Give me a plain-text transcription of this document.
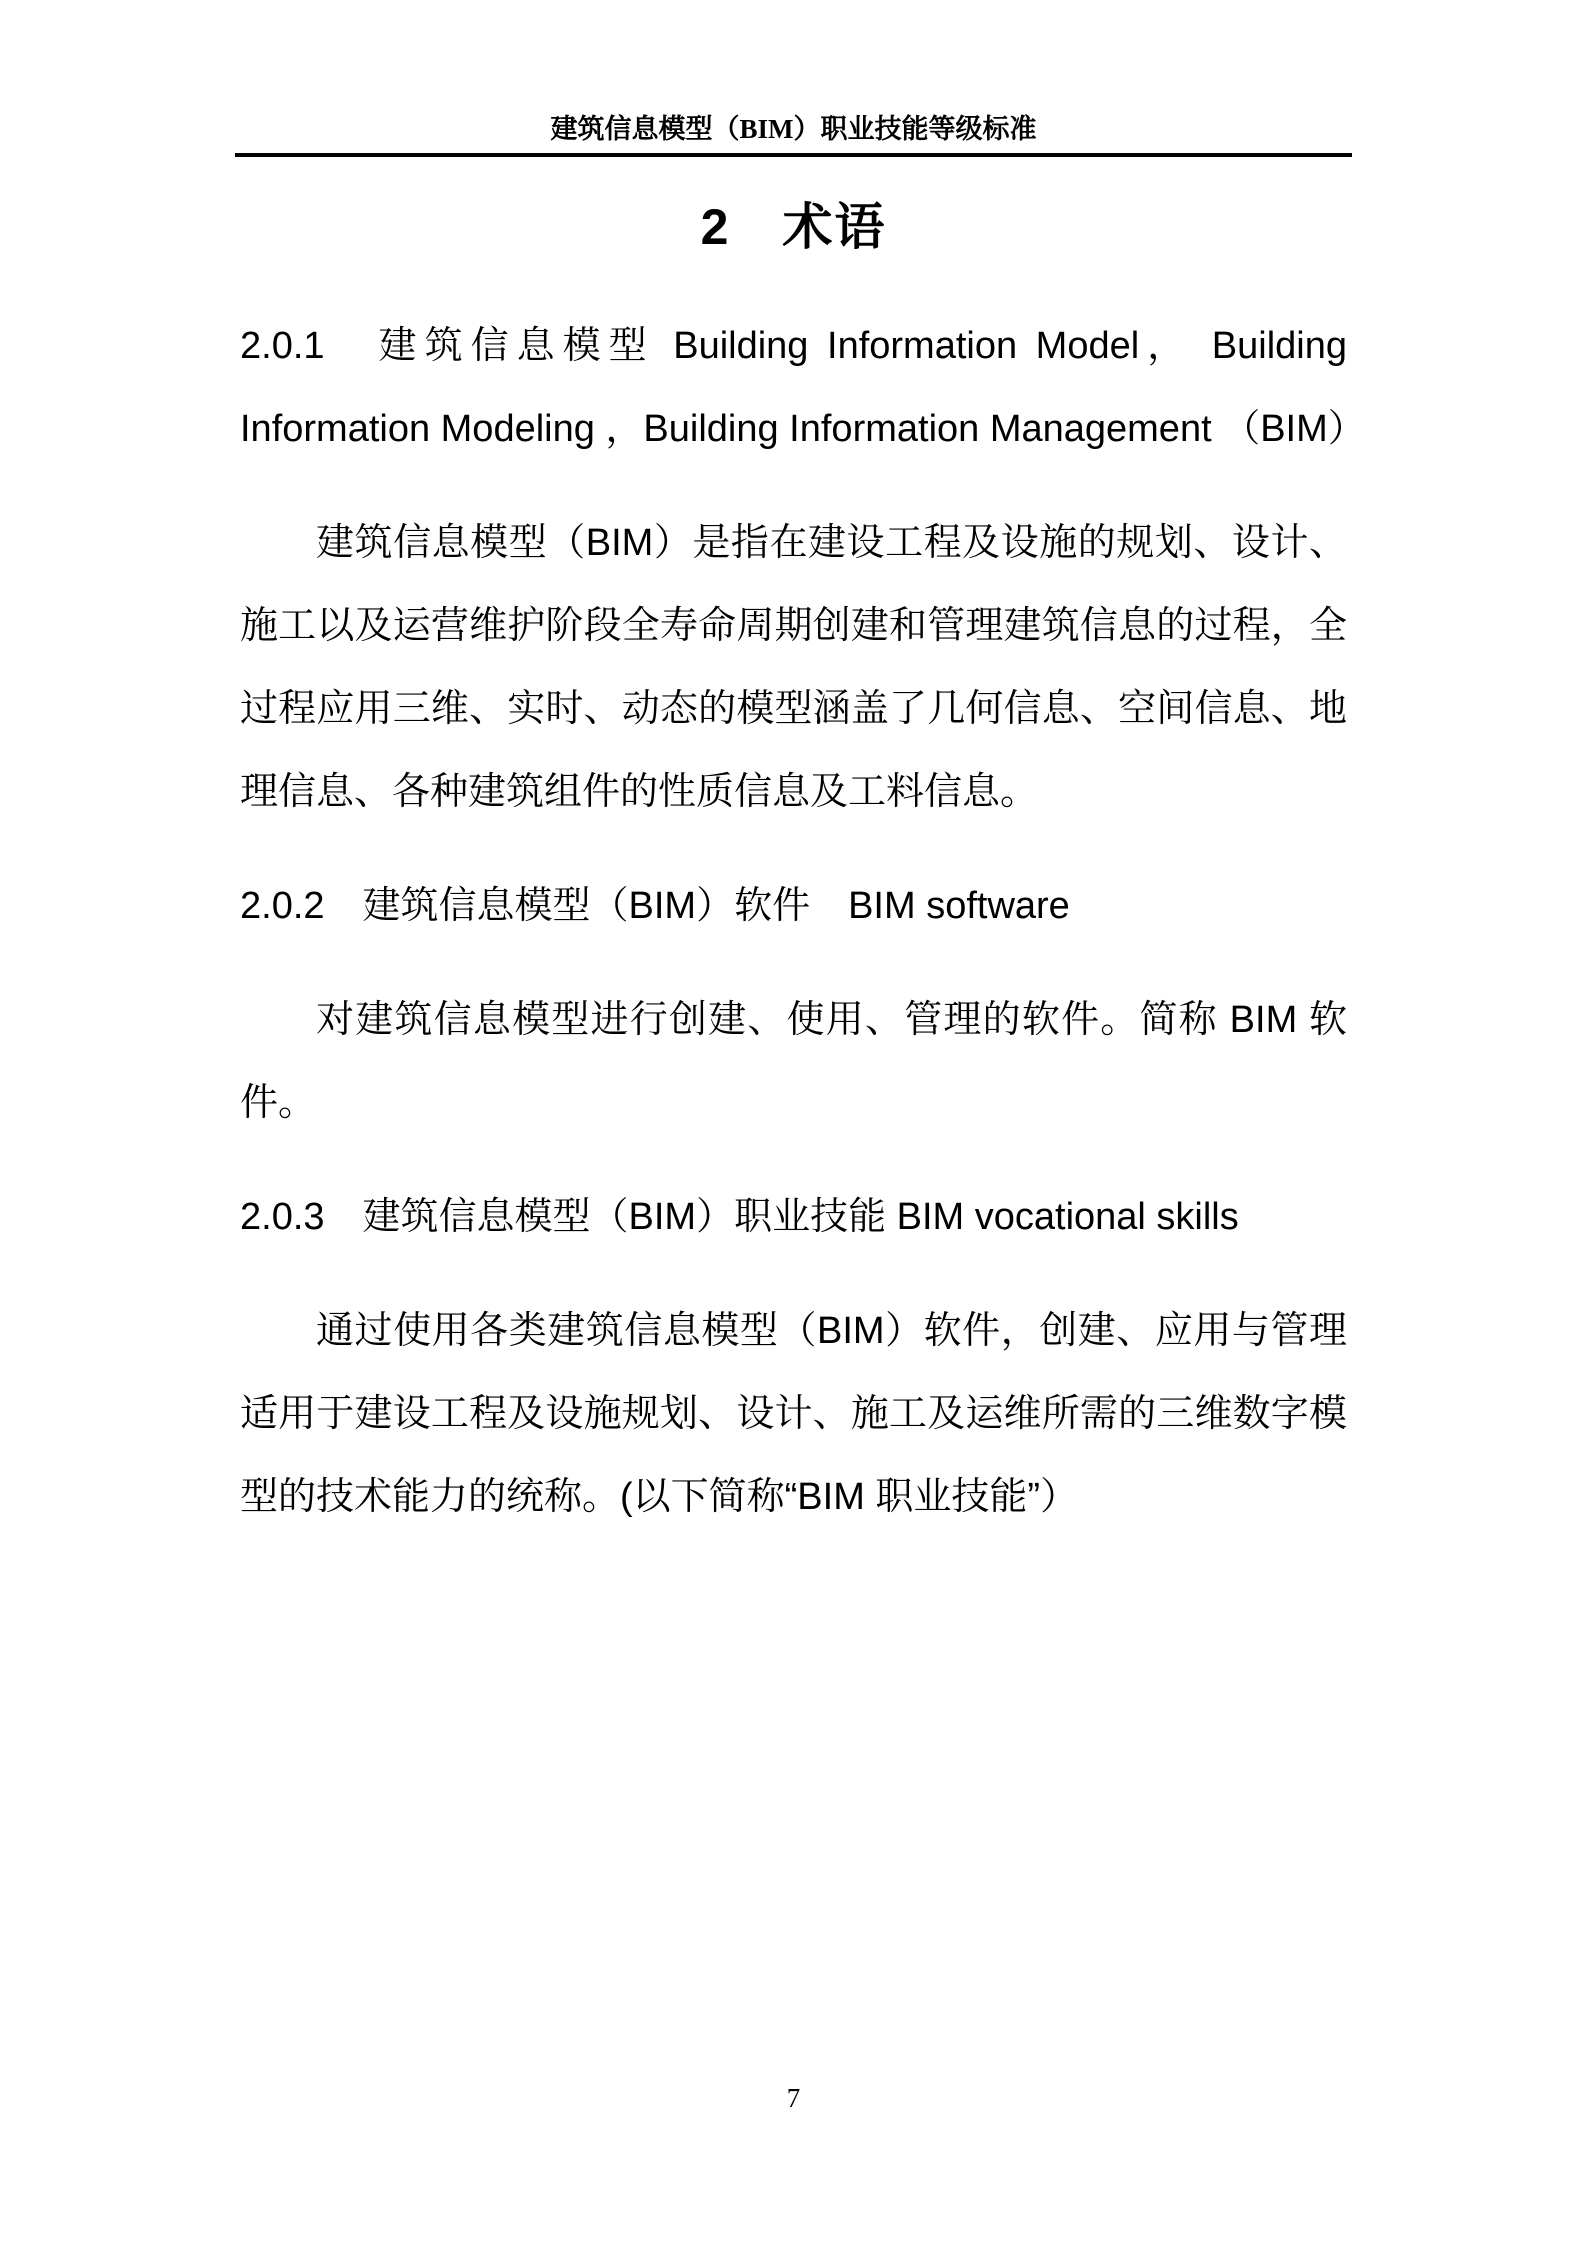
建筑信息模型（BIM）职业技能等级标准
2　术语

2.0.1　建筑信息模型 Building Information Model， Building Information Modeling ，Building Information Management （BIM）

建筑信息模型（BIM）是指在建设工程及设施的规划、设计、施工以及运营维护阶段全寿命周期创建和管理建筑信息的过程，全过程应用三维、实时、动态的模型涵盖了几何信息、空间信息、地理信息、各种建筑组件的性质信息及工料信息。

2.0.2　建筑信息模型（BIM）软件　BIM software

对建筑信息模型进行创建、使用、管理的软件。简称 BIM 软件。

2.0.3　建筑信息模型（BIM）职业技能 BIM vocational skills

通过使用各类建筑信息模型（BIM）软件，创建、应用与管理适用于建设工程及设施规划、设计、施工及运维所需的三维数字模型的技术能力的统称。(以下简称“BIM 职业技能”）

7
